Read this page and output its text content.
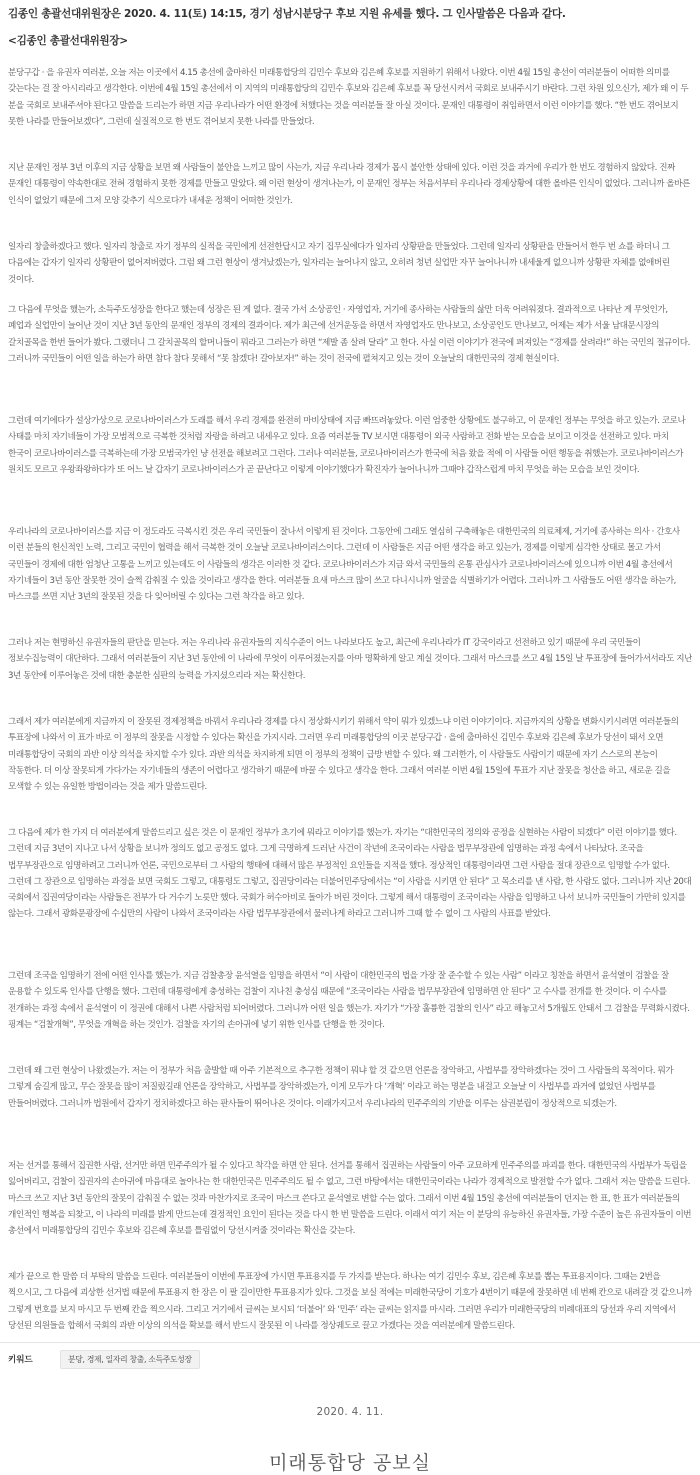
김종인 총괄선대위원장은 2020. 4. 11(토) 14:15, 경기 성남시분당구 후보 지원 유세를 했다. 그 인사말씀은 다음과 같다.

<김종인 총괄선대위원장>

분당구갑 · 을 유권자 여러분, 오늘 저는 이곳에서 4.15 총선에 출마하신 미래통합당의 김민수 후보와 김은혜 후보를 지원하기 위해서 나왔다. 이번 4월 15일 총선이 여러분들이 어떠한 의미를 갖는다는 걸 잘 아시리라고 생각한다. 이번에 4월 15일 총선에서 이 지역의 미래통합당의 김민수 후보와 김은혜 후보를 꼭 당선시켜서 국회로 보내주시기 바란다. 그런 차원 있으신가, 제가 왜 이 두 분을 국회로 보내주셔야 된다고 말씀을 드리는가 하면 지금 우리나라가 어떤 환경에 처했다는 것을 여러분들 잘 아실 것이다. 문재인 대통령이 취임하면서 이런 이야기를 했다. “한 번도 겪어보지 못한 나라를 만들어보겠다”, 그런데 실질적으로 한 번도 겪어보지 못한 나라를 만들었다.

지난 문재인 정부 3년 이후의 지금 상황을 보면 왜 사람들이 불안을 느끼고 많이 사는가, 지금 우리나라 경제가 몹시 불안한 상태에 있다. 이런 것을 과거에 우리가 한 번도 경험하지 않았다. 진짜 문재인 대통령이 약속한대로 전혀 경험하지 못한 경제를 만들고 말았다. 왜 이런 현상이 생겨나는가, 이 문재인 정부는 처음서부터 우리나라 경제상황에 대한 올바른 인식이 없었다. 그러니까 올바른 인식이 없었기 때문에 그저 모양 갖추기 식으로다가 내세운 정책이 어떠한 것인가.

일자리 창출하겠다고 했다. 일자리 창출로 자기 정부의 실적을 국민에게 선전한답시고 자기 집무실에다가 일자리 상황판을 만들었다. 그런데 일자리 상황판을 만들어서 한두 번 쇼를 하더니 그 다음에는 갑자기 일자리 상황판이 없어져버렸다. 그럼 왜 그런 현상이 생겨났겠는가, 일자리는 늘어나지 않고, 오히려 청년 실업만 자꾸 늘어나니까 내세울게 없으니까 상황판 자체를 없애버린 것이다.

그 다음에 무엇을 했는가, 소득주도성장을 한다고 했는데 성장은 된 게 없다. 결국 가서 소상공인 · 자영업자, 거기에 종사하는 사람들의 삶만 더욱 어려워졌다. 결과적으로 나타난 게 무엇인가, 폐업과 실업만이 늘어난 것이 지난 3년 동안의 문재인 정부의 경제의 결과이다. 제가 최근에 선거운동을 하면서 자영업자도 만나보고, 소상공인도 만나보고, 어제는 제가 서울 남대문시장의 갈치골목을 한번 들어가 봤다. 그랬더니 그 갈치골목의 할머니들이 뭐라고 그러는가 하면 “제발 좀 살려 달라” 고 한다. 사실 이런 이야기가 전국에 퍼져있는 “경제를 살려라!” 하는 국민의 절규이다. 그러니까 국민들이 어떤 일을 하는가 하면 참다 참다 못해서 “못 참겠다! 갈아보자!” 하는 것이 전국에 펼쳐지고 있는 것이 오늘날의 대한민국의 경제 현실이다.

그런데 여기에다가 설상가상으로 코로나바이러스가 도래를 해서 우리 경제를 완전히 마비상태에 지금 빠뜨려놓았다. 이런 엄중한 상황에도 불구하고, 이 문재인 정부는 무엇을 하고 있는가. 코로나 사태를 마치 자기네들이 가장 모범적으로 극복한 것처럼 자랑을 하려고 내세우고 있다. 요즘 여러분들 TV 보시면 대통령이 외국 사람하고 전화 받는 모습을 보이고 이것을 선전하고 있다. 마치 한국이 코로나바이러스를 극복하는데 가장 모범국가인 냥 선전을 해보려고 그런다. 그러나 여러분들, 코로나바이러스가 한국에 처음 왔을 적에 이 사람들 어떤 행동을 취했는가. 코로나바이러스가 원치도 모르고 우왕좌왕하다가 또 어느 날 갑자기 코로나바이러스가 곧 끝난다고 이렇게 이야기했다가 확진자가 늘어나니까 그때야 갑작스럽게 마치 무엇을 하는 모습을 보인 것이다.

우리나라의 코로나바이러스를 지금 이 정도라도 극복시킨 것은 우리 국민들이 잘나서 이렇게 된 것이다. 그동안에 그래도 열심히 구축해놓은 대한민국의 의료체제, 거기에 종사하는 의사 · 간호사 이런 분들의 헌신적인 노력, 그리고 국민이 협력을 해서 극복한 것이 오늘날 코로나바이러스이다. 그런데 이 사람들은 지금 어떤 생각을 하고 있는가, 경제를 이렇게 심각한 상태로 몰고 가서 국민들이 경제에 대한 엄청난 고통을 느끼고 있는데도 이 사람들의 생각은 이러한 것 같다. 코로나바이러스가 지금 와서 국민들의 온통 관심사가 코로나바이러스에 있으니까 이번 4월 총선에서 자기네들이 3년 동안 잘못한 것이 슬쩍 감춰질 수 있을 것이라고 생각을 한다. 여러분들 요새 마스크 많이 쓰고 다니시니까 얼굴을 식별하기가 어렵다. 그러니까 그 사람들도 어떤 생각을 하는가, 마스크를 쓰면 지난 3년의 잘못된 것을 다 잊어버릴 수 있다는 그런 착각을 하고 있다.

그러나 저는 현명하신 유권자들의 판단을 믿는다. 저는 우리나라 유권자들의 지식수준이 어느 나라보다도 높고, 최근에 우리나라가 IT 강국이라고 선전하고 있기 때문에 우리 국민들이 정보수집능력이 대단하다. 그래서 여러분들이 지난 3년 동안에 이 나라에 무엇이 이루어졌는지를 아마 명확하게 알고 계실 것이다. 그래서 마스크를 쓰고 4월 15일 날 투표장에 들어가셔서라도 지난 3년 동안에 이루어놓은 것에 대한 충분한 심판의 능력을 가지셨으리라 저는 확신한다.

그래서 제가 여러분에게 지금까지 이 잘못된 경제정책을 바꿔서 우리나라 경제를 다시 정상화시키기 위해서 약이 뭐가 있겠느냐 이런 이야기이다. 지금까지의 상황을 변화시키시려면 여러분들의 투표장에 나와서 이 표가 바로 이 정부의 잘못을 시정할 수 있다는 확신을 가지시라. 그러면 우리 미래통합당의 이곳 분당구갑 · 을에 출마하신 김민수 후보와 김은혜 후보가 당선이 돼서 오면 미래통합당이 국회의 과반 이상 의석을 차지할 수가 있다. 과반 의석을 차지하게 되면 이 정부의 정책이 급방 변할 수 있다. 왜 그러한가, 이 사람들도 사람이기 때문에 자기 스스로의 본능이 작동한다. 더 이상 잘못되게 가다가는 자기네들의 생존이 어렵다고 생각하기 때문에 바꿀 수 있다고 생각을 한다. 그래서 여러분 이번 4월 15일에 투표가 지난 잘못을 청산을 하고, 새로운 길을 모색할 수 있는 유일한 방법이라는 것을 제가 말씀드린다.

그 다음에 제가 한 가지 더 여러분에게 말씀드리고 싶은 것은 이 문재인 정부가 초기에 뭐라고 이야기를 했는가. 자기는 “대한민국의 정의와 공정을 실현하는 사람이 되겠다” 이런 이야기를 했다. 그런데 지금 3년이 지나고 나서 상황을 보니까 정의도 없고 공정도 없다. 그게 극명하게 드러난 사건이 작년에 조국이라는 사람을 법무부장관에 임명하는 과정 속에서 나타났다. 조국을 법무부장관으로 임명하려고 그러니까 언론, 국민으로부터 그 사람의 행태에 대해서 많은 부정적인 요인들을 지적을 했다. 정상적인 대통령이라면 그런 사람을 절대 장관으로 임명할 수가 없다. 그런데 그 장관으로 임명하는 과정을 보면 국회도 그렇고, 대통령도 그렇고, 집권당이라는 더불어민주당에서는 “이 사람을 시키면 안 된다” 고 목소리를 낸 사람, 한 사람도 없다. 그러니까 지난 20대 국회에서 집권여당이라는 사람들은 전부가 다 거수기 노릇만 했다. 국회가 허수아비로 돌아가 버린 것이다. 그렇게 해서 대통령이 조국이라는 사람을 임명하고 나서 보니까 국민들이 가만히 있지를 않는다. 그래서 광화문광장에 수십만의 사람이 나와서 조국이라는 사람 법무부장관에서 물러나게 하라고 그러니까 그때 할 수 없이 그 사람의 사표를 받았다.

그런데 조국을 임명하기 전에 어떤 인사를 했는가. 지금 검찰총장 윤석열을 임명을 하면서 “이 사람이 대한민국의 법을 가장 잘 준수할 수 있는 사람” 이라고 칭찬을 하면서 윤석열이 검찰을 잘 운용할 수 있도록 인사를 단행을 했다. 그런데 대통령에게 충성하는 검찰이 지나친 충성심 때문에 “조국이라는 사람을 법무부장관에 임명하면 안 된다” 고 수사를 전개를 한 것이다. 이 수사를 전개하는 과정 속에서 윤석열이 이 정권에 대해서 나쁜 사람처럼 되어버렸다. 그러니까 어떤 일을 했는가. 자기가 “가장 훌륭한 검찰의 인사” 라고 해놓고서 5개월도 안돼서 그 검찰을 무력화시켰다. 핑계는 “검찰개혁”, 무엇을 개혁을 하는 것인가. 검찰을 자기의 손아귀에 넣기 위한 인사를 단행을 한 것이다.

그런데 왜 그런 현상이 나왔겠는가. 저는 이 정부가 처음 출발할 때 아주 기본적으로 추구한 정책이 뭐냐 할 것 같으면 언론을 장악하고, 사법부를 장악하겠다는 것이 그 사람들의 목적이다. 뭐가 그렇게 숨길게 많고, 무슨 잘못을 많이 저질렀길래 언론을 장악하고, 사법부를 장악하겠는가, 이게 모두가 다 ‘개혁’ 이라고 하는 명분을 내걸고 오늘날 이 사법부를 과거에 없었던 사법부를 만들어버렸다. 그러니까 법원에서 갑자기 정치하겠다고 하는 판사들이 뛰어나온 것이다. 이래가지고서 우리나라의 민주주의의 기반을 이루는 삼권분립이 정상적으로 되겠는가.

저는 선거를 통해서 집권한 사람, 선거만 하면 민주주의가 될 수 있다고 착각을 하면 안 된다. 선거를 통해서 집권하는 사람들이 아주 교묘하게 민주주의를 파괴를 한다. 대한민국의 사법부가 독립을 잃어버리고, 검찰이 집권자의 손아귀에 마음대로 놀아나는 한 대한민국은 민주주의도 될 수 없고, 그런 바탕에서는 대한민국이라는 나라가 경제적으로 발전할 수가 없다. 그래서 저는 말씀을 드린다. 마스크 쓰고 지난 3년 동안의 잘못이 감춰질 수 없는 것과 마찬가지로 조국이 마스크 쓴다고 윤석열로 변할 수는 없다. 그래서 이번 4월 15일 총선에 여러분들이 던지는 한 표, 한 표가 여러분들의 개인적인 행복을 되찾고, 이 나라의 미래를 밝게 만드는데 결정적인 요인이 된다는 것을 다시 한 번 말씀을 드린다. 이래서 여기 저는 이 분당의 유능하신 유권자들, 가장 수준이 높은 유권자들이 이번 총선에서 미래통합당의 김민수 후보와 김은혜 후보를 틀림없이 당선시켜줄 것이라는 확신을 갖는다.

제가 끝으로 한 말씀 더 부탁의 말씀을 드린다. 여러분들이 이번에 투표장에 가시면 투표용지를 두 가지를 받는다. 하나는 여기 김민수 후보, 김은혜 후보를 뽑는 투표용지이다. 그때는 2번을 찍으시고, 그 다음에 괴상한 선거법 때문에 투표용지 한 장은 이 팔 길이만한 투표용지가 있다. 그것을 보실 적에는 미래한국당이 기호가 4번이기 때문에 잘못하면 네 번째 칸으로 내려갈 것 같으니까 그렇게 번호를 보지 마시고 두 번째 칸을 찍으시라. 그리고 거기에서 글씨는 보시되 ‘더불어’ 와 ‘민주’ 라는 글씨는 읽지를 마시라. 그러면 우리가 미래한국당의 비례대표의 당선과 우리 지역에서 당선된 의원들을 합해서 국회의 과반 이상의 의석을 확보를 해서 반드시 잘못된 이 나라를 정상궤도로 끌고 가겠다는 것을 여러분에게 말씀드린다.

2020. 4. 11.

미래통합당 공보실

키워드	분당, 경제, 일자리 창출, 소득주도성장
